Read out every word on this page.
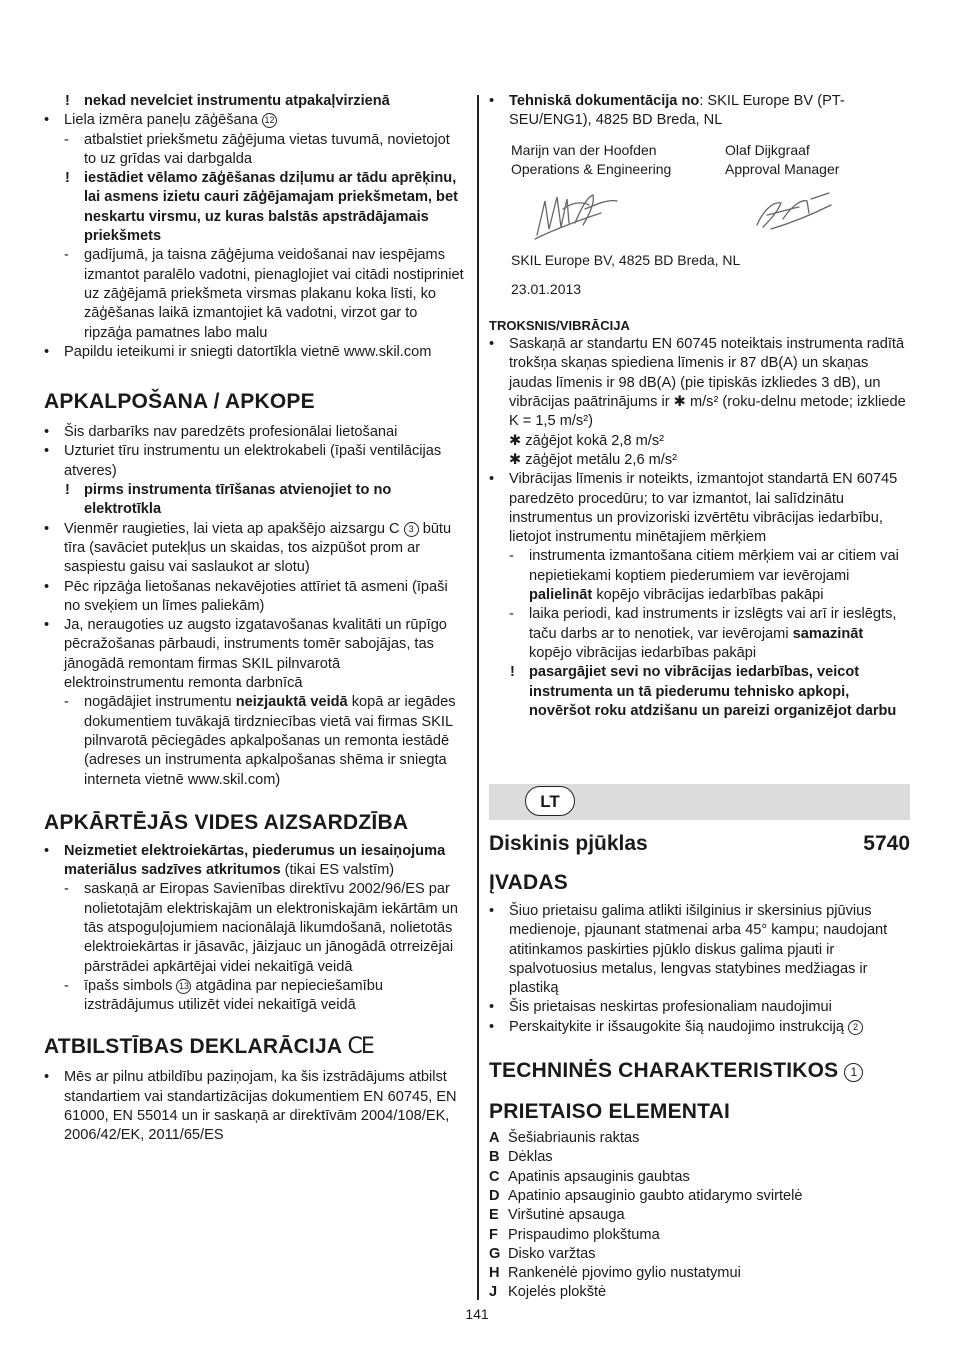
! nekad nevelciet instrumentu atpakaļvirzienā
• Liela izmēra paneļu zāģēšana 12
- atbalstiet priekšmetu zāģējuma vietas tuvumā, novietojot to uz grīdas vai darbgalda
! iestādiet vēlamo zāģēšanas dziļumu ar tādu aprēķinu, lai asmens izietu cauri zāģējamajam priekšmetam, bet neskartu virsmu, uz kuras balstās apstrādājamais priekšmets
- gadījumā, ja taisna zāģējuma veidošanai nav iespējams izmantot paralēlo vadotni, pienaglojiet vai citādi nostipriniet uz zāģējamā priekšmeta virsmas plakanu koka līsti, ko zāģēšanas laikā izmantojiet kā vadotni, virzot gar to ripzāģa pamatnes labo malu
• Papildu ieteikumi ir sniegti datortīkla vietnē www.skil.com
APKALPOŠANA / APKOPE
• Šis darbarīks nav paredzēts profesionālai lietošanai
• Uzturiet tīru instrumentu un elektrokabeli (īpaši ventilācijas atveres)
! pirms instrumenta tīrīšanas atvienojiet to no elektrotīkla
• Vienmēr raugieties, lai vieta ap apakšējo aizsargu C 3 būtu tīra (savāciet putekļus un skaidas, tos aizpūšot prom ar saspiestu gaisu vai saslaukot ar slotu)
• Pēc ripzāģa lietošanas nekavējoties attīriet tā asmeni (īpaši no sveķiem un līmes paliekām)
• Ja, neraugoties uz augsto izgatavošanas kvalitāti un rūpīgo pēcražošanas pārbaudi, instruments tomēr sabojājas, tas jānogādā remontam firmas SKIL pilnvarotā elektroinstrumentu remonta darbnīcā
- nogādājiet instrumentu neizjauktā veidā kopā ar iegādes dokumentiem tuvākajā tirdzniecības vietā vai firmas SKIL pilnvarotā pēciegādes apkalpošanas un remonta iestādē (adreses un instrumenta apkalpošanas shēma ir sniegta interneta vietnē www.skil.com)
APKĀRTĒJĀS VIDES AIZSARDZĪBA
• Neizmetiet elektroiekārtas, piederumus un iesaiņojuma materiālus sadzīves atkritumos (tikai ES valstīm)
- saskaņā ar Eiropas Savienības direktīvu 2002/96/ES par nolietotajām elektriskajām un elektroniskajām iekārtām un tās atspoguļojumiem nacionālajā likumdošanā, nolietotās elektroiekārtas ir jāsavāc, jāizjauc un jānogādā otrreizējai pārstrādei apkārtējai videi nekaitīgā veidā
- īpašs simbols 13 atgādina par nepieciešamību izstrādājumus utilizēt videi nekaitīgā veidā
ATBILSTĪBAS DEKLARĀCIJA CE
• Mēs ar pilnu atbildību paziņojam, ka šis izstrādājums atbilst standartiem vai standartizācijas dokumentiem EN 60745, EN 61000, EN 55014 un ir saskaņā ar direktīvām 2004/108/EK, 2006/42/EK, 2011/65/ES
• Tehniskā dokumentācija no: SKIL Europe BV (PT-SEU/ENG1), 4825 BD Breda, NL
Marijn van der Hoofden
Operations & Engineering
Olaf Dijkgraaf
Approval Manager
SKIL Europe BV, 4825 BD Breda, NL
23.01.2013
TROKSNIS/VIBRĀCIJA
• Saskaņā ar standartu EN 60745 noteiktais instrumenta radītā trokšņa skaņas spiediena līmenis ir 87 dB(A) un skaņas jaudas līmenis ir 98 dB(A) (pie tipiskās izkliedes 3 dB), un vibrācijas paātrinājums ir ✱ m/s² (roku-delnu metode; izkliede K = 1,5 m/s²)
✱ zāģējot kokā 2,8 m/s²
✱ zāģējot metālu 2,6 m/s²
• Vibrācijas līmenis ir noteikts, izmantojot standartā EN 60745 paredzēto procedūru; to var izmantot, lai salīdzinātu instrumentus un provizoriski izvērtētu vibrācijas iedarbību, lietojot instrumentu minētajiem mērķiem
- instrumenta izmantošana citiem mērķiem vai ar citiem vai nepietiekami koptiem piederumiem var ievērojami palielināt kopējo vibrācijas iedarbības pakāpi
- laika periodi, kad instruments ir izslēgts vai arī ir ieslēgts, taču darbs ar to nenotiek, var ievērojami samazināt kopējo vibrācijas iedarbības pakāpi
! pasargājiet sevi no vibrācijas iedarbības, veicot instrumenta un tā piederumu tehnisko apkopi, novēršot roku atdzišanu un pareizi organizējot darbu
LT
Diskinis pjūklas	5740
ĮVADAS
• Šiuo prietaisu galima atlikti išilginius ir skersinius pjūvius medienoje, pjaunant statmenai arba 45° kampu; naudojant atitinkamos paskirties pjūklo diskus galima pjauti ir spalvotuosius metalus, lengvas statybines medžiagas ir plastiką
• Šis prietaisas neskirtas profesionaliam naudojimui
• Perskaitykite ir išsaugokite šią naudojimo instrukciją 2
TECHNINĖS CHARAKTERISTIKOS 1
PRIETAISO ELEMENTAI
A Šešiabriaunis raktas
B Dėklas
C Apatinis apsauginis gaubtas
D Apatinio apsauginio gaubto atidarymo svirtelė
E Viršutinė apsauga
F Prispaudimo plokštuma
G Disko varžtas
H Rankenėlė pjovimo gylio nustatymui
J Kojelės plokštė
141
